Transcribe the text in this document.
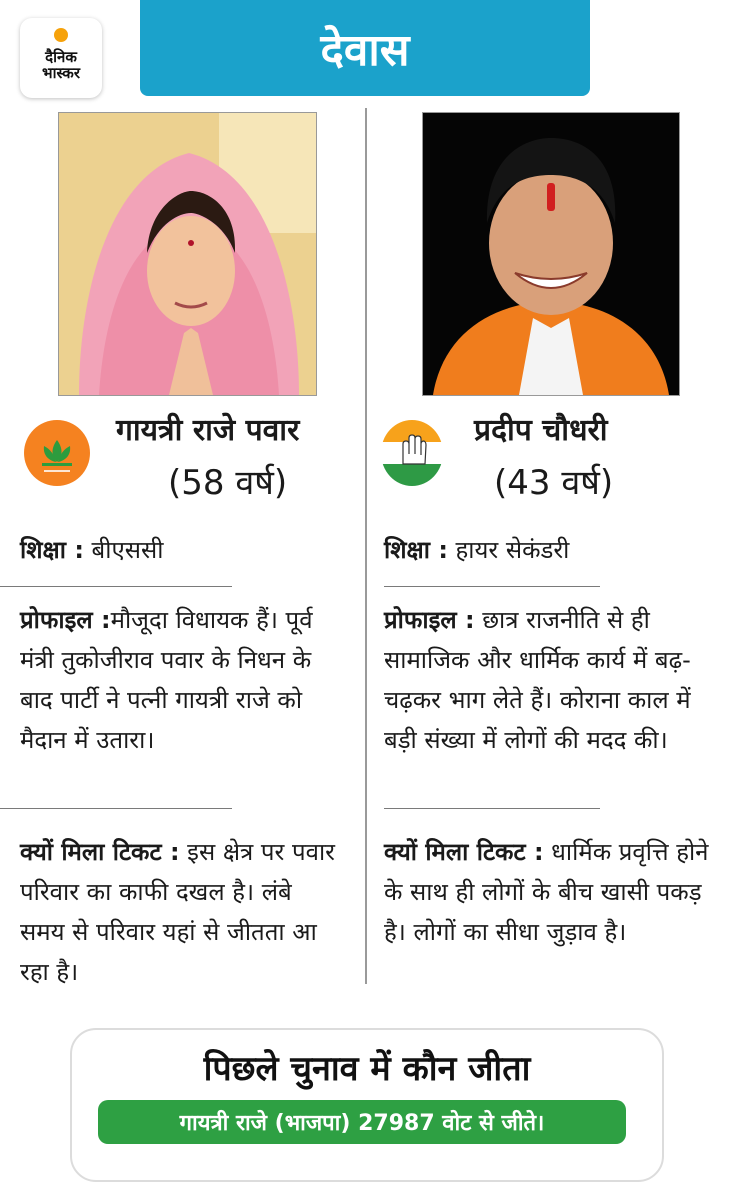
दैनिक
भास्कर	देवास
गायत्री राजे पवार
(58 वर्ष)
प्रदीप चौधरी
(43 वर्ष)
शिक्षा : बीएससी
प्रोफाइल :मौजूदा विधायक हैं। पूर्व मंत्री तुकोजीराव पवार के निधन के बाद पार्टी ने पत्नी गायत्री राजे को मैदान में उतारा।
क्यों मिला टिकट : इस क्षेत्र पर पवार परिवार का काफी दखल है। लंबे समय से परिवार यहां से जीतता आ रहा है।
शिक्षा : हायर सेकंडरी
प्रोफाइल : छात्र राजनीति से ही सामाजिक और धार्मिक कार्य में बढ़- चढ़कर भाग लेते हैं। कोराना काल में बड़ी संख्या में लोगों की मदद की।
क्यों मिला टिकट : धार्मिक प्रवृत्ति होने के साथ ही लोगों के बीच खासी पकड़ है। लोगों का सीधा जुड़ाव है।
पिछले चुनाव में कौन जीता
गायत्री राजे (भाजपा) 27987 वोट से जीते।
